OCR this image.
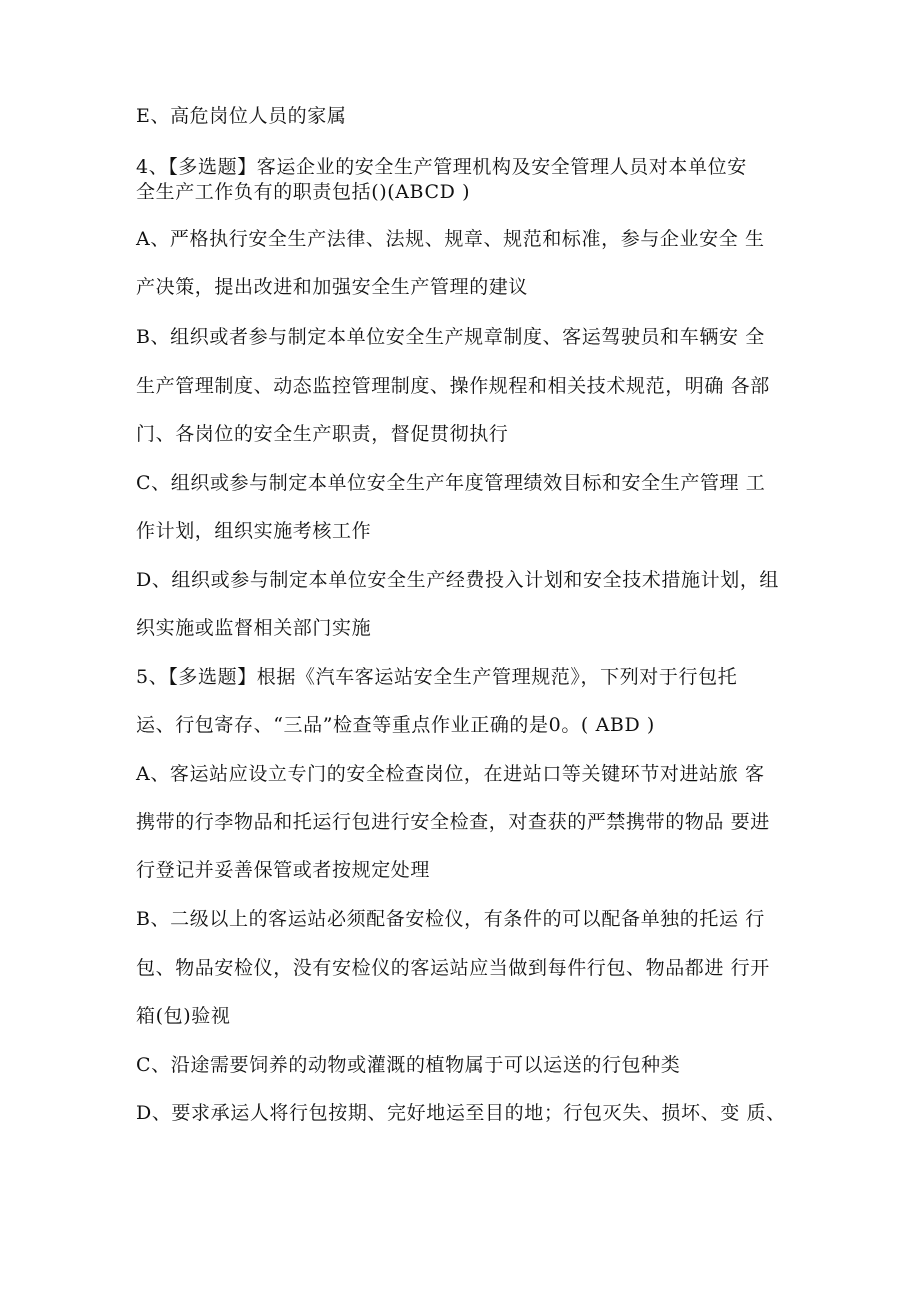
E、高危岗位人员的家属
4、【多选题】客运企业的安全生产管理机构及安全管理人员对本单位安
全生产工作负有的职责包括()(ABCD )
A、严格执行安全生产法律、法规、规章、规范和标准，参与企业安全 生
产决策，提出改进和加强安全生产管理的建议
B、组织或者参与制定本单位安全生产规章制度、客运驾驶员和车辆安 全
生产管理制度、动态监控管理制度、操作规程和相关技术规范，明确 各部
门、各岗位的安全生产职责，督促贯彻执行
C、组织或参与制定本单位安全生产年度管理绩效目标和安全生产管理 工
作计划，组织实施考核工作
D、组织或参与制定本单位安全生产经费投入计划和安全技术措施计划，组
织实施或监督相关部门实施
5、【多选题】根据《汽车客运站安全生产管理规范》，下列对于行包托
运、行包寄存、“三品”检查等重点作业正确的是0。( ABD )
A、客运站应设立专门的安全检查岗位，在进站口等关键环节对进站旅 客
携带的行李物品和托运行包进行安全检查，对查获的严禁携带的物品 要进
行登记并妥善保管或者按规定处理
B、二级以上的客运站必须配备安检仪，有条件的可以配备单独的托运 行
包、物品安检仪，没有安检仪的客运站应当做到每件行包、物品都进 行开
箱(包)验视
C、沿途需要饲养的动物或灌溉的植物属于可以运送的行包种类
D、要求承运人将行包按期、完好地运至目的地；行包灭失、损坏、变 质、
